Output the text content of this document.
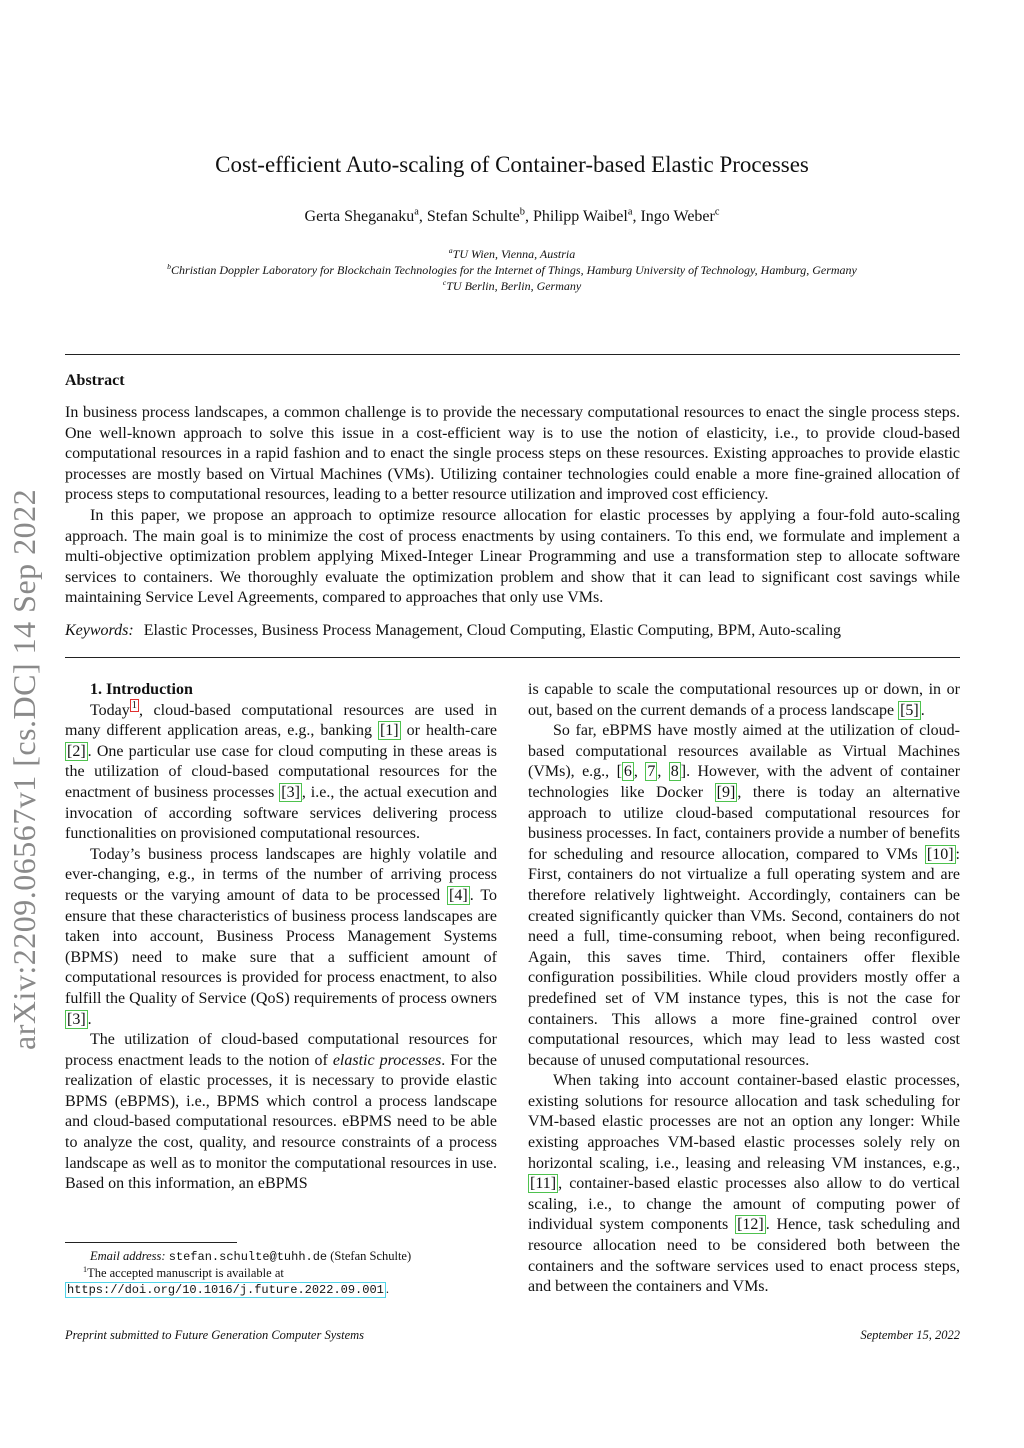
arXiv:2209.06567v1 [cs.DC] 14 Sep 2022
Cost-efficient Auto-scaling of Container-based Elastic Processes
Gerta Sheganaku$^a$, Stefan Schulte$^b$, Philipp Waibel$^a$, Ingo Weber$^c$
$^a$TU Wien, Vienna, Austria
$^b$Christian Doppler Laboratory for Blockchain Technologies for the Internet of Things, Hamburg University of Technology, Hamburg, Germany
$^c$TU Berlin, Berlin, Germany
Abstract

In business process landscapes, a common challenge is to provide the necessary computational resources to enact the single process steps. One well-known approach to solve this issue in a cost-efficient way is to use the notion of elasticity, i.e., to provide cloud-based computational resources in a rapid fashion and to enact the single process steps on these resources. Existing approaches to provide elastic processes are mostly based on Virtual Machines (VMs). Utilizing container technologies could enable a more fine-grained allocation of process steps to computational resources, leading to a better resource utilization and improved cost efficiency.

In this paper, we propose an approach to optimize resource allocation for elastic processes by applying a four-fold auto-scaling approach. The main goal is to minimize the cost of process enactments by using containers. To this end, we formulate and implement a multi-objective optimization problem applying Mixed-Integer Linear Programming and use a transformation step to allocate software services to containers. We thoroughly evaluate the optimization problem and show that it can lead to significant cost savings while maintaining Service Level Agreements, compared to approaches that only use VMs.

Keywords: Elastic Processes, Business Process Management, Cloud Computing, Elastic Computing, BPM, Auto-scaling

1. Introduction

Today $^1$ , cloud-based computational resources are used in many different application areas, e.g., banking [1] or health-care [2] . One particular use case for cloud computing in these areas is the utilization of cloud-based computational resources for the enactment of business processes [3] , i.e., the actual execution and invocation of according software services delivering process functionalities on provisioned computational resources.

Today’s business process landscapes are highly volatile and ever-changing, e.g., in terms of the number of arriving process requests or the varying amount of data to be processed [4] . To ensure that these characteristics of business process landscapes are taken into account, Business Process Management Systems (BPMS) need to make sure that a sufficient amount of computational resources is provided for process enactment, to also fulfill the Quality of Service (QoS) requirements of process owners [3] .

The utilization of cloud-based computational resources for process enactment leads to the notion of elastic processes. For the realization of elastic processes, it is necessary to provide elastic BPMS (eBPMS), i.e., BPMS which control a process landscape and cloud-based computational resources. eBPMS need to be able to analyze the cost, quality, and resource constraints of a process landscape as well as to monitor the computational resources in use. Based on this information, an eBPMS

is capable to scale the computational resources up or down, in or out, based on the current demands of a process landscape [5] .

So far, eBPMS have mostly aimed at the utilization of cloud-based computational resources available as Virtual Machines (VMs), e.g., [ 6 , 7 , 8 ]. However, with the advent of container technologies like Docker [9] , there is today an alternative approach to utilize cloud-based computational resources for business processes. In fact, containers provide a number of benefits for scheduling and resource allocation, compared to VMs [10] : First, containers do not virtualize a full operating system and are therefore relatively lightweight. Accordingly, containers can be created significantly quicker than VMs. Second, containers do not need a full, time-consuming reboot, when being reconfigured. Again, this saves time. Third, containers offer flexible configuration possibilities. While cloud providers mostly offer a predefined set of VM instance types, this is not the case for containers. This allows a more fine-grained control over computational resources, which may lead to less wasted cost because of unused computational resources.

When taking into account container-based elastic processes, existing solutions for resource allocation and task scheduling for VM-based elastic processes are not an option any longer: While existing approaches VM-based elastic processes solely rely on horizontal scaling, i.e., leasing and releasing VM instances, e.g., [11] , container-based elastic processes also allow to do vertical scaling, i.e., to change the amount of computing power of individual system components [12] . Hence, task scheduling and resource allocation need to be considered both between the containers and the software services used to enact process steps, and between the containers and VMs.

Email address: stefan.schulte@tuhh.de (Stefan Schulte)
$^1$The accepted manuscript is available at https://doi.org/10.1016/j.future.2022.09.001 .
Preprint submitted to Future Generation Computer Systems	September 15, 2022
